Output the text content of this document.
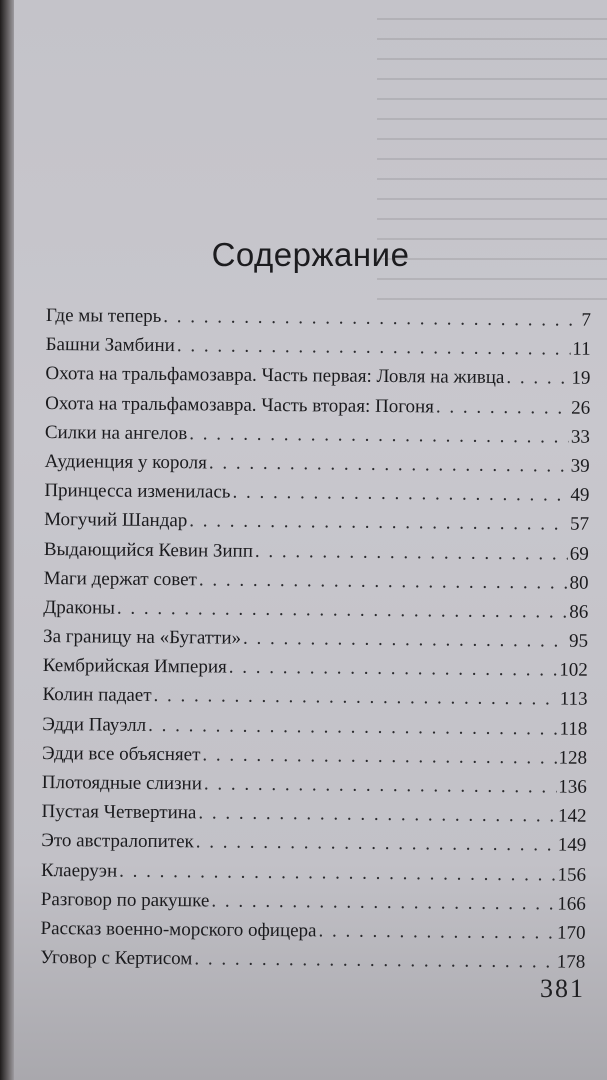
Содержание
Где мы теперь . . .	7
Башни Замбини . . .	11
Охота на тральфамозавра. Часть первая: Ловля на живца . . .	19
Охота на тральфамозавра. Часть вторая: Погоня . . .	26
Силки на ангелов . . .	33
Аудиенция у короля . . .	39
Принцесса изменилась . . .	49
Могучий Шандар . . .	57
Выдающийся Кевин Зипп . . .	69
Маги держат совет . . .	80
Драконы . . .	86
За границу на «Бугатти» . . .	95
Кембрийская Империя . . .	102
Колин падает . . .	113
Эдди Пауэлл . . .	118
Эдди все объясняет . . .	128
Плотоядные слизни . . .	136
Пустая Четвертина . . .	142
Это австралопитек . . .	149
Клаеруэн . . .	156
Разговор по ракушке . . .	166
Рассказ военно-морского офицера . . .	170
Уговор с Кертисом . . .	178
381
